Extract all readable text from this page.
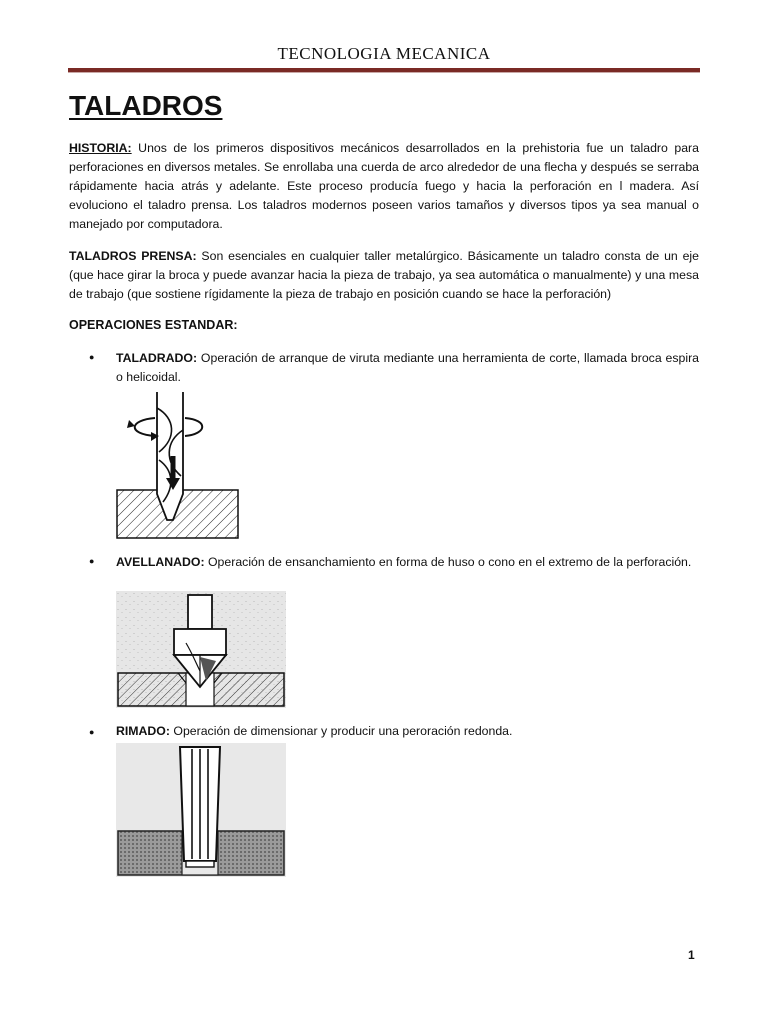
TECNOLOGIA MECANICA
TALADROS
HISTORIA: Unos de los primeros dispositivos mecánicos desarrollados en la prehistoria fue un taladro para perforaciones en diversos metales. Se enrollaba una cuerda de arco alrededor de una flecha y después se serraba rápidamente hacia atrás y adelante. Este proceso producía fuego y hacia la perforación en l madera. Así evoluciono el taladro prensa. Los taladros modernos poseen varios tamaños y diversos tipos ya sea manual o manejado por computadora.
TALADROS PRENSA: Son esenciales en cualquier taller metalúrgico. Básicamente un taladro consta de un eje (que hace girar la broca y puede avanzar hacia la pieza de trabajo, ya sea automática o manualmente) y una mesa de trabajo (que sostiene rígidamente la pieza de trabajo en posición cuando se hace la perforación)
OPERACIONES ESTANDAR:
● TALADRADO: Operación de arranque de viruta mediante una herramienta de corte, llamada broca espira o helicoidal.
● AVELLANADO: Operación de ensanchamiento en forma de huso o cono en el extremo de la perforación.
● RIMADO: Operación de dimensionar y producir una peroración redonda.
1
